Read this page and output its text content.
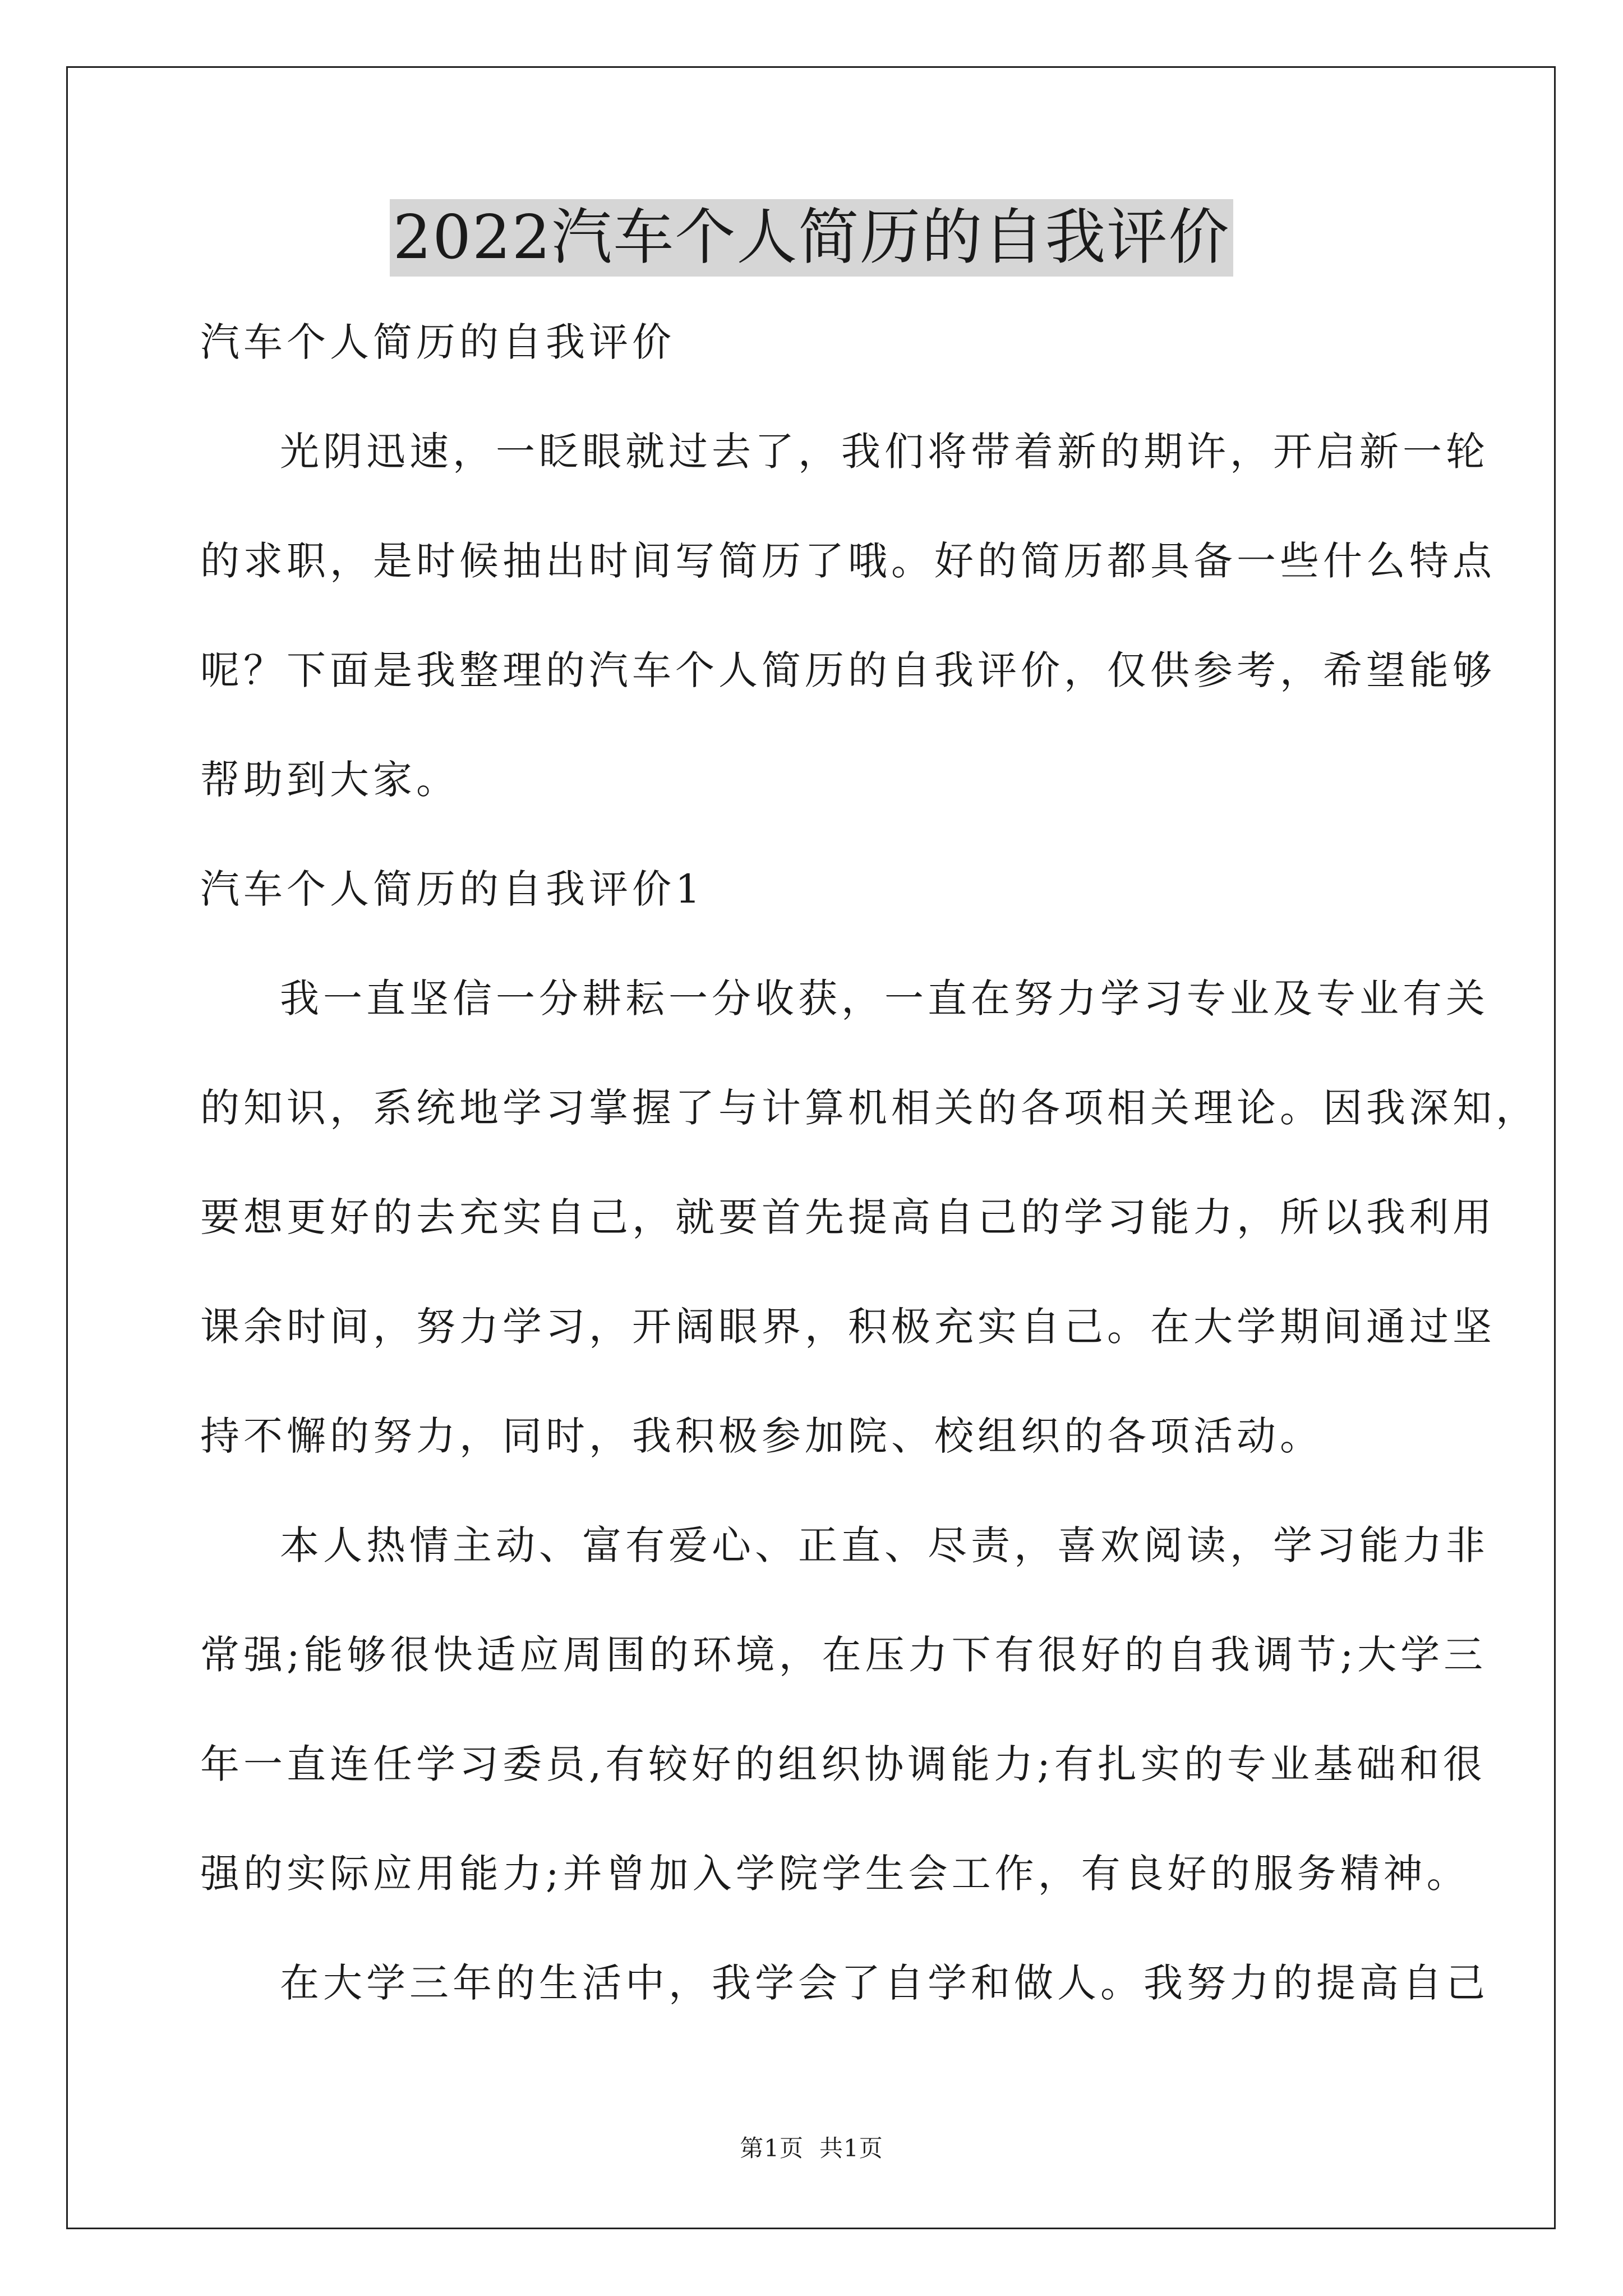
2022汽车个人简历的自我评价
汽车个人简历的自我评价
光阴迅速，一眨眼就过去了，我们将带着新的期许，开启新一轮
的求职，是时候抽出时间写简历了哦。好的简历都具备一些什么特点
呢？下面是我整理的汽车个人简历的自我评价，仅供参考，希望能够
帮助到大家。
汽车个人简历的自我评价1
我一直坚信一分耕耘一分收获，一直在努力学习专业及专业有关
的知识，系统地学习掌握了与计算机相关的各项相关理论。因我深知，
要想更好的去充实自己，就要首先提高自己的学习能力，所以我利用
课余时间，努力学习，开阔眼界，积极充实自己。在大学期间通过坚
持不懈的努力，同时，我积极参加院、校组织的各项活动。
本人热情主动、富有爱心、正直、尽责，喜欢阅读，学习能力非
常强;能够很快适应周围的环境，在压力下有很好的自我调节;大学三
年一直连任学习委员,有较好的组织协调能力;有扎实的专业基础和很
强的实际应用能力;并曾加入学院学生会工作，有良好的服务精神。
在大学三年的生活中，我学会了自学和做人。我努力的提高自己
第1页 共1页
